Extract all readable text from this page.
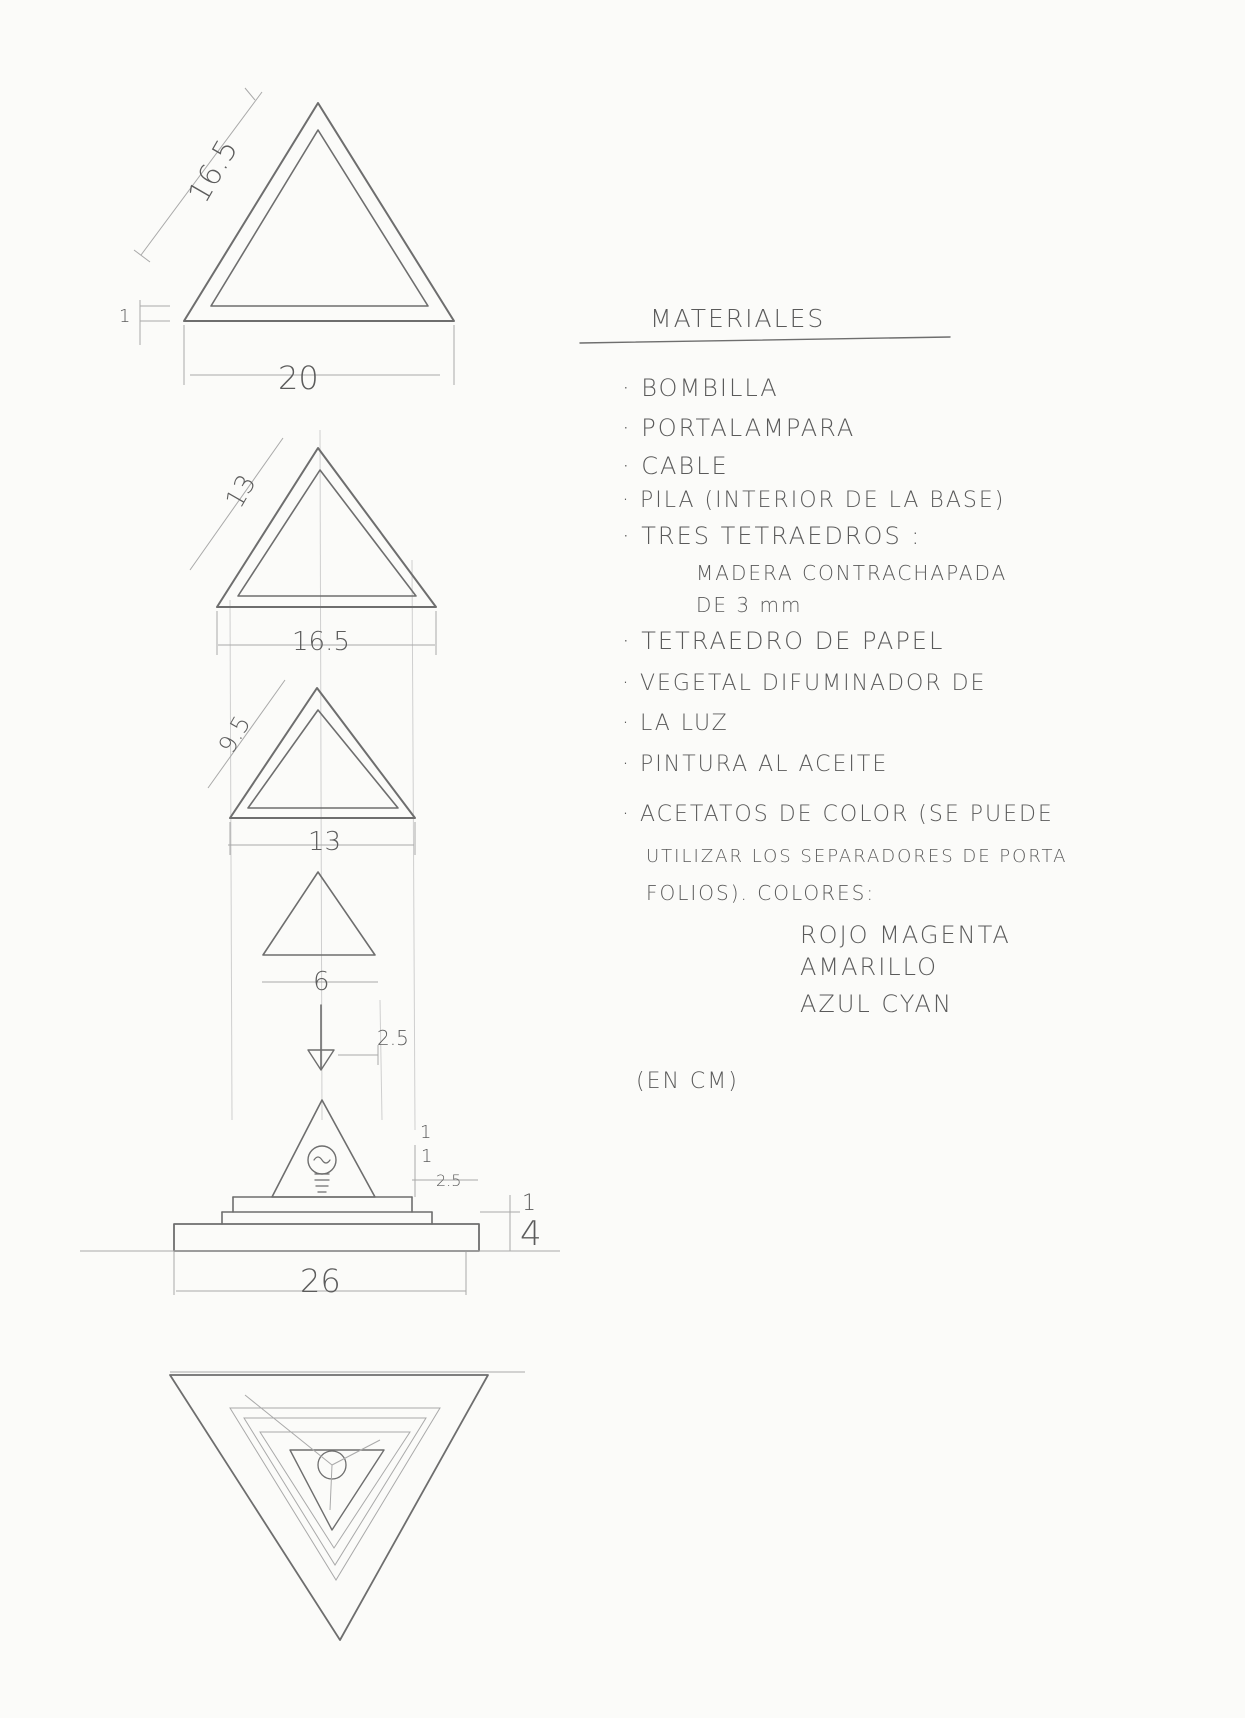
16.5
1
20
13
16.5
9.5
13
6
2.5
1
1
2.5
1
4
26
MATERIALES
· BOMBILLA
· PORTALAMPARA
· CABLE
· PILA (INTERIOR DE LA BASE)
· TRES TETRAEDROS :
MADERA CONTRACHAPADA
DE 3 mm
· TETRAEDRO DE PAPEL
· VEGETAL DIFUMINADOR DE
· LA LUZ
· PINTURA AL ACEITE
· ACETATOS DE COLOR (SE PUEDE
UTILIZAR LOS SEPARADORES DE PORTA
FOLIOS). COLORES:
ROJO MAGENTA
AMARILLO
AZUL CYAN
(EN CM)
